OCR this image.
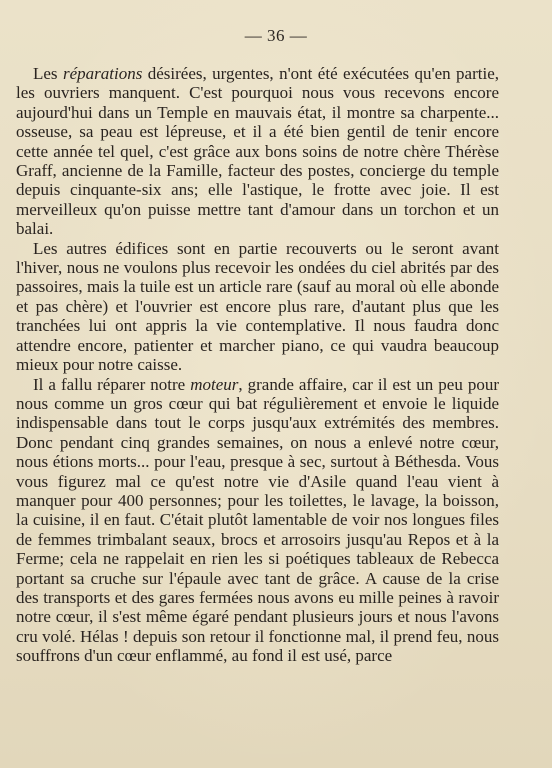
— 36 —

Les réparations désirées, urgentes, n'ont été exécutées qu'en partie, les ouvriers manquent. C'est pourquoi nous vous recevons encore aujourd'hui dans un Temple en mauvais état, il montre sa charpente... osseuse, sa peau est lépreuse, et il a été bien gentil de tenir encore cette année tel quel, c'est grâce aux bons soins de notre chère Thérèse Graff, ancienne de la Famille, facteur des postes, concierge du temple depuis cinquante-six ans; elle l'astique, le frotte avec joie. Il est merveilleux qu'on puisse mettre tant d'amour dans un torchon et un balai.

Les autres édifices sont en partie recouverts ou le seront avant l'hiver, nous ne voulons plus recevoir les ondées du ciel abrités par des passoires, mais la tuile est un article rare (sauf au moral où elle abonde et pas chère) et l'ouvrier est encore plus rare, d'autant plus que les tranchées lui ont appris la vie contemplative. Il nous faudra donc attendre encore, patienter et marcher piano, ce qui vaudra beaucoup mieux pour notre caisse.

Il a fallu réparer notre moteur, grande affaire, car il est un peu pour nous comme un gros cœur qui bat régulièrement et envoie le liquide indispensable dans tout le corps jusqu'aux extrémités des membres. Donc pendant cinq grandes semaines, on nous a enlevé notre cœur, nous étions morts... pour l'eau, presque à sec, surtout à Béthesda. Vous vous figurez mal ce qu'est notre vie d'Asile quand l'eau vient à manquer pour 400 personnes; pour les toilettes, le lavage, la boisson, la cuisine, il en faut. C'était plutôt lamentable de voir nos longues files de femmes trimbalant seaux, brocs et arrosoirs jusqu'au Repos et à la Ferme; cela ne rappelait en rien les si poétiques tableaux de Rebecca portant sa cruche sur l'épaule avec tant de grâce. A cause de la crise des transports et des gares fermées nous avons eu mille peines à ravoir notre cœur, il s'est même égaré pendant plusieurs jours et nous l'avons cru volé. Hélas ! depuis son retour il fonctionne mal, il prend feu, nous souffrons d'un cœur enflammé, au fond il est usé, parce
